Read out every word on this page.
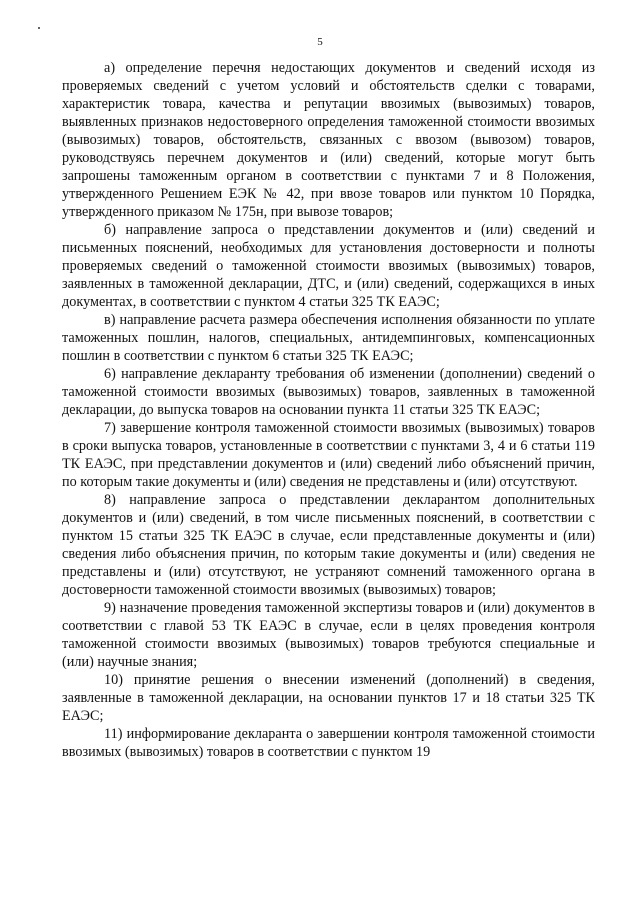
5

а) определение перечня недостающих документов и сведений исходя из проверяемых сведений с учетом условий и обстоятельств сделки с товарами, характеристик товара, качества и репутации ввозимых (вывозимых) товаров, выявленных признаков недостоверного определения таможенной стоимости ввозимых (вывозимых) товаров, обстоятельств, связанных с ввозом (вывозом) товаров, руководствуясь перечнем документов и (или) сведений, которые могут быть запрошены таможенным органом в соответствии с пунктами 7 и 8 Положения, утвержденного Решением ЕЭК № 42, при ввозе товаров или пунктом 10 Порядка, утвержденного приказом № 175н, при вывозе товаров;

б) направление запроса о представлении документов и (или) сведений и письменных пояснений, необходимых для установления достоверности и полноты проверяемых сведений о таможенной стоимости ввозимых (вывозимых) товаров, заявленных в таможенной декларации, ДТС, и (или) сведений, содержащихся в иных документах, в соответствии с пунктом 4 статьи 325 ТК ЕАЭС;

в) направление расчета размера обеспечения исполнения обязанности по уплате таможенных пошлин, налогов, специальных, антидемпинговых, компенсационных пошлин в соответствии с пунктом 6 статьи 325 ТК ЕАЭС;

6) направление декларанту требования об изменении (дополнении) сведений о таможенной стоимости ввозимых (вывозимых) товаров, заявленных в таможенной декларации, до выпуска товаров на основании пункта 11 статьи 325 ТК ЕАЭС;

7) завершение контроля таможенной стоимости ввозимых (вывозимых) товаров в сроки выпуска товаров, установленные в соответствии с пунктами 3, 4 и 6 статьи 119 ТК ЕАЭС, при представлении документов и (или) сведений либо объяснений причин, по которым такие документы и (или) сведения не представлены и (или) отсутствуют.

8) направление запроса о представлении декларантом дополнительных документов и (или) сведений, в том числе письменных пояснений, в соответствии с пунктом 15 статьи 325 ТК ЕАЭС в случае, если представленные документы и (или) сведения либо объяснения причин, по которым такие документы и (или) сведения не представлены и (или) отсутствуют, не устраняют сомнений таможенного органа в достоверности таможенной стоимости ввозимых (вывозимых) товаров;

9) назначение проведения таможенной экспертизы товаров и (или) документов в соответствии с главой 53 ТК ЕАЭС в случае, если в целях проведения контроля таможенной стоимости ввозимых (вывозимых) товаров требуются специальные и (или) научные знания;

10) принятие решения о внесении изменений (дополнений) в сведения, заявленные в таможенной декларации, на основании пунктов 17 и 18 статьи 325 ТК ЕАЭС;

11) информирование декларанта о завершении контроля таможенной стоимости ввозимых (вывозимых) товаров в соответствии с пунктом 19
